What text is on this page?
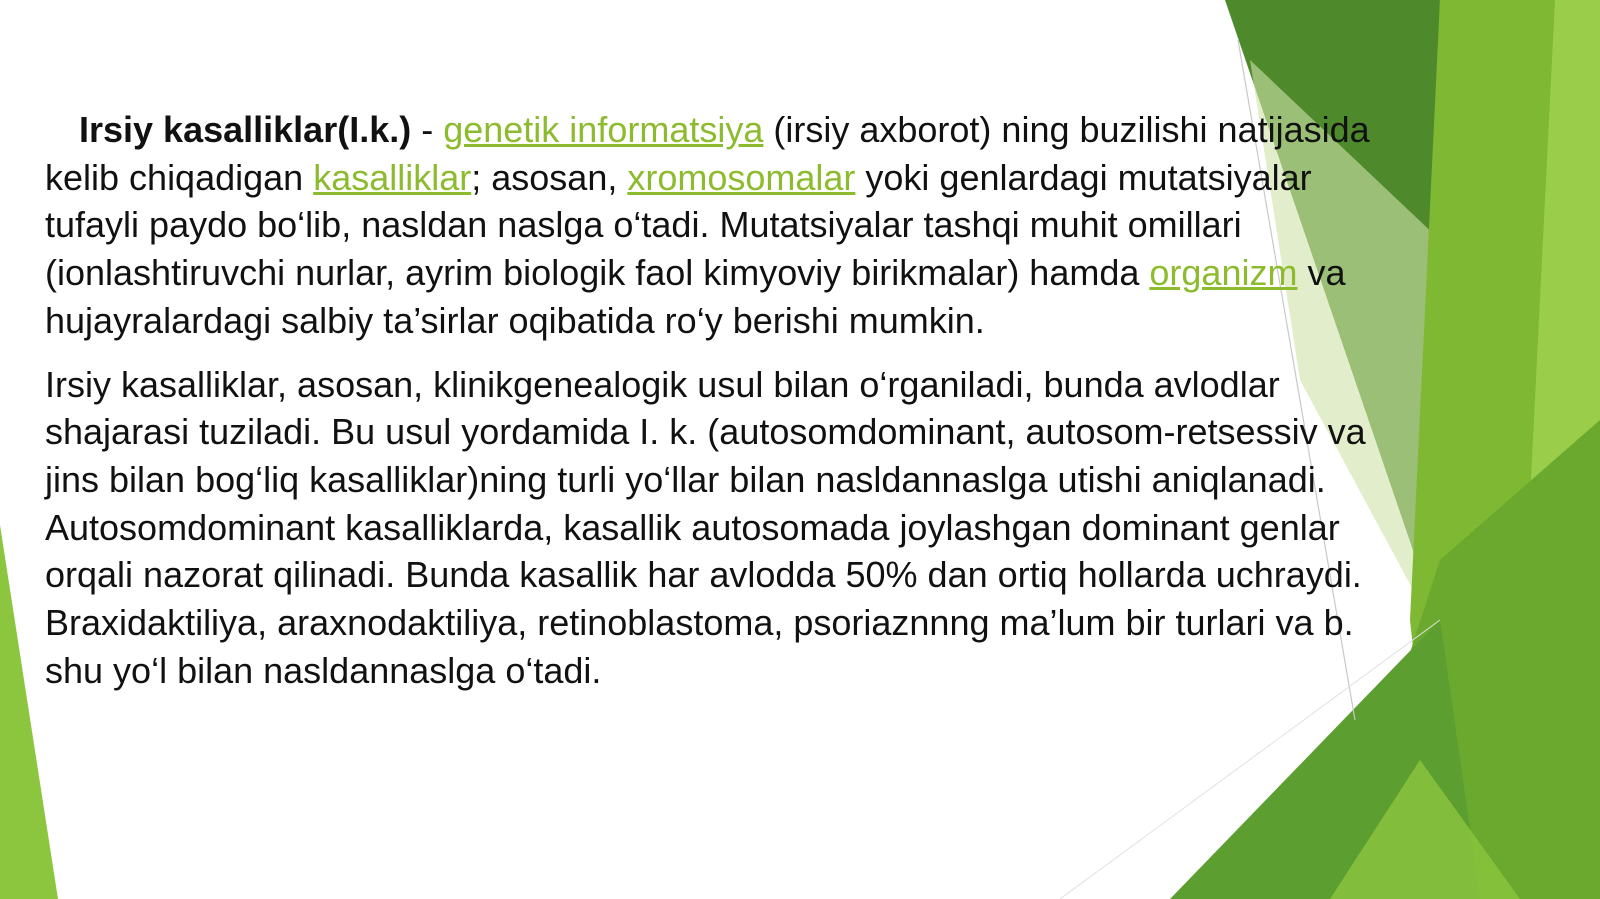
Irsiy kasalliklar(I.k.) - genetik informatsiya (irsiy axborot) ning buzilishi natijasida kelib chiqadigan kasalliklar; asosan, xromosomalar yoki genlardagi mutatsiyalar tufayli paydo bo‘lib, nasldan naslga o‘tadi. Mutatsiyalar tashqi muhit omillari (ionlashtiruvchi nurlar, ayrim biologik faol kimyoviy birikmalar) hamda organizm va hujayralardagi salbiy ta’sirlar oqibatida ro‘y berishi mumkin.

Irsiy kasalliklar, asosan, klinikgenealogik usul bilan o‘rganiladi, bunda avlodlar shajarasi tuziladi. Bu usul yordamida I. k. (autosomdominant, autosom-retsessiv va jins bilan bog‘liq kasalliklar)ning turli yo‘llar bilan nasldannaslga utishi aniqlanadi. Autosomdominant kasalliklarda, kasallik autosomada joylashgan dominant genlar orqali nazorat qilinadi. Bunda kasallik har avlodda 50% dan ortiq hollarda uchraydi. Braxidaktiliya, araxnodaktiliya, retinoblastoma, psoriaznnng ma’lum bir turlari va b. shu yo‘l bilan nasldannaslga o‘tadi.
